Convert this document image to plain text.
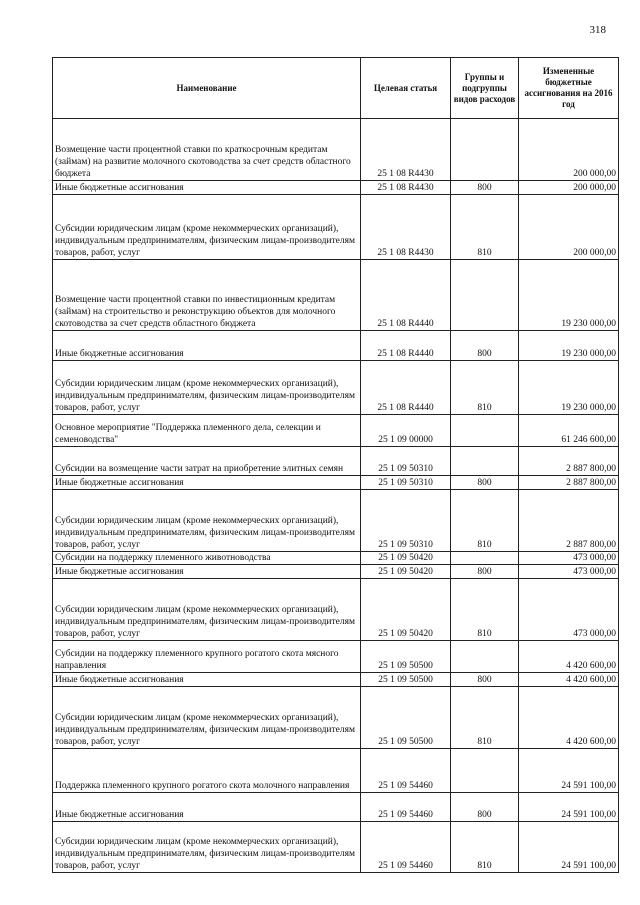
318
Наименование	Целевая статья	Группы и подгруппы видов расходов	Измененные бюджетные ассигнования на 2016 год
Возмещение части процентной ставки по краткосрочным кредитам (займам) на развитие молочного скотоводства за счет средств областного бюджета	25 1 08 R4430		200 000,00
Иные бюджетные ассигнования	25 1 08 R4430	800	200 000,00
Субсидии юридическим лицам (кроме некоммерческих организаций), индивидуальным предпринимателям, физическим лицам-производителям товаров, работ, услуг	25 1 08 R4430	810	200 000,00
Возмещение части процентной ставки по инвестиционным кредитам (займам) на строительство и реконструкцию объектов для молочного скотоводства за счет средств областного бюджета	25 1 08 R4440		19 230 000,00
Иные бюджетные ассигнования	25 1 08 R4440	800	19 230 000,00
Субсидии юридическим лицам (кроме некоммерческих организаций), индивидуальным предпринимателям, физическим лицам-производителям товаров, работ, услуг	25 1 08 R4440	810	19 230 000,00
Основное мероприятие "Поддержка племенного дела, селекции и семеноводства"	25 1 09 00000		61 246 600,00
Субсидии на возмещение части затрат на приобретение элитных семян	25 1 09 50310		2 887 800,00
Иные бюджетные ассигнования	25 1 09 50310	800	2 887 800,00
Субсидии юридическим лицам (кроме некоммерческих организаций), индивидуальным предпринимателям, физическим лицам-производителям товаров, работ, услуг	25 1 09 50310	810	2 887 800,00
Субсидии на поддержку племенного животноводства	25 1 09 50420		473 000,00
Иные бюджетные ассигнования	25 1 09 50420	800	473 000,00
Субсидии юридическим лицам (кроме некоммерческих организаций), индивидуальным предпринимателям, физическим лицам-производителям товаров, работ, услуг	25 1 09 50420	810	473 000,00
Субсидии на поддержку племенного крупного рогатого скота мясного направления	25 1 09 50500		4 420 600,00
Иные бюджетные ассигнования	25 1 09 50500	800	4 420 600,00
Субсидии юридическим лицам (кроме некоммерческих организаций), индивидуальным предпринимателям, физическим лицам-производителям товаров, работ, услуг	25 1 09 50500	810	4 420 600,00
Поддержка племенного крупного рогатого скота молочного направления	25 1 09 54460		24 591 100,00
Иные бюджетные ассигнования	25 1 09 54460	800	24 591 100,00
Субсидии юридическим лицам (кроме некоммерческих организаций), индивидуальным предпринимателям, физическим лицам-производителям товаров, работ, услуг	25 1 09 54460	810	24 591 100,00
